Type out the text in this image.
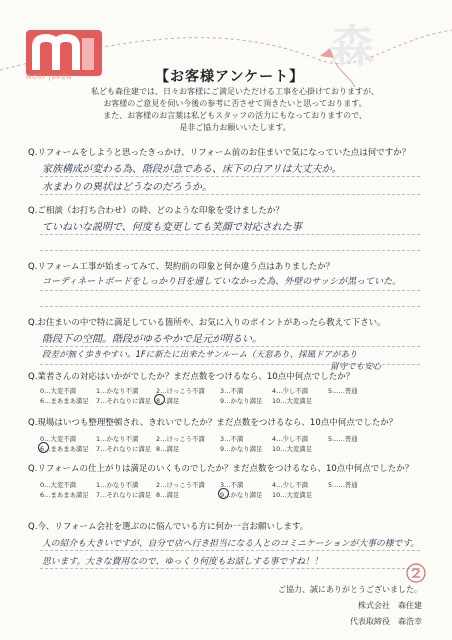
森
MORI JUKEN	【お客様アンケート】
私ども森住建では、日々お客様にご満足いただける工事を心掛けておりますが、
お客様のご意見を伺い今後の参考に否させて頂きたいと思っております。
また、お客様のお言葉は私どもスタッフの活力にもなっておりますので、
是非ご協力お願いいたします。
Q.リフォームをしようと思ったきっかけ、リフォーム前のお住まいで気になっていた点は何ですか？
家族構成が変わる為、階段が急である、床下の白アリは大丈夫か。
水まわりの異状はどうなのだろうか。
Q.ご相談（お打ち合わせ）の時、どのような印象を受けましたか？
ていねいな説明で、何度も変更しても笑顔で対応された事
Q.リフォーム工事が始まってみて、契約前の印象と何か違う点はありましたか？
コーディネートボードをしっかり目を通していなかった為、外壁のサッシが黒っていた。
Q.お住まいの中で特に満足している箇所や、お気に入りのポイントがあったら教えて下さい。
階段下の空間。階段がゆるやかで足元が明るい。
段差が無く歩きやすい。1Fに新たに出来たサンルーム（天窓あり、採風ドアがあり
留守でも安心
Q.業者さんの対応はいかがでしたか？まだ点数をつけるなら、10点中何点でしたか？
0…大変不満	1…かなり不満	2…けっこう不満 3…不満	4…少し不満	5……普通
6…まあまあ満足 7…それなりに満足 8…満足	9…かなり満足 10…大変満足
Q.現場はいつも整理整頓され、きれいでしたか？まだ点数をつけるなら、10点中何点でしたか？
0…大変不満	1…かなり不満	2…けっこう不満 3…不満	4…少し不満	5……普通
6…まあまあ満足 7…それなりに満足 8…満足	9…かなり満足 10…大変満足
Q.リフォームの仕上がりは満足のいくものでしたか？まだ点数をつけるなら、10点中何点でしたか？
0…大変不満	1…かなり不満	2…けっこう不満 3…不満	4…少し不満	5……普通
6…まあまあ満足 7…それなりに満足 8…満足	9…かなり満足 10…大変満足
Q.今、リフォーム会社を選ぶのに悩んでいる方に何か一言お願いします。
人の紹介も大きいですが、自分で店へ行き担当になる人とのコミニケーションが大事の様です。
思います。大きな費用なので、ゆっくり何度もお話しする事ですね！！
ご協力、誠にありがとうございました。
株式会社　森住建
代表取締役　森浩幸
